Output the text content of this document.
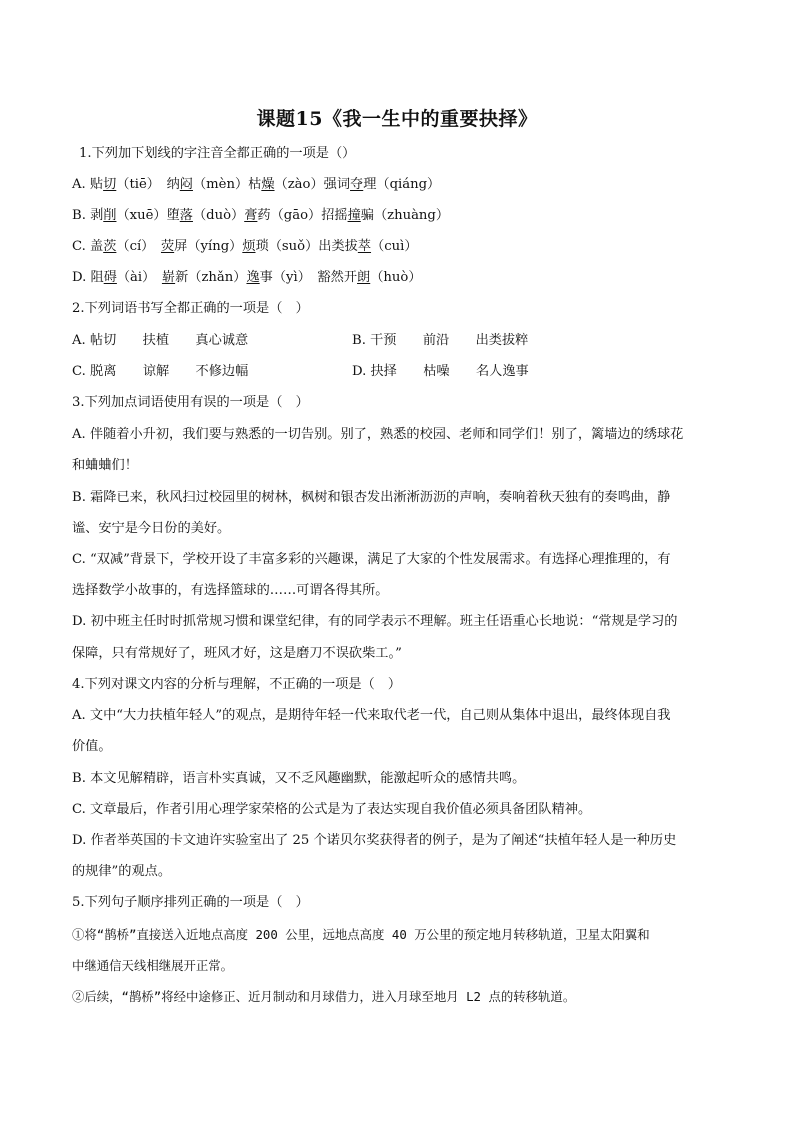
课题15《我一生中的重要抉择》
1.下列加下划线的字注音全都正确的一项是（）
A. 贴切（tiē）　纳闷（mèn）枯燥（zào）强词夺理（qiáng）
B. 剥削（xuē）堕落（duò）膏药（gāo）招摇撞骗（zhuàng）
C. 盖茨（cí）　荧屏（yíng）烦琐（suǒ）出类拔萃（cuì）
D. 阻碍（ài）　崭新（zhǎn）逸事（yì）　豁然开朗（huò）
2.下列词语书写全都正确的一项是（　）
A. 帖切　　扶植　　真心诚意	B. 干预　　前沿　　出类拔粹
C. 脱离　　谅解　　不修边幅	D. 抉择　　枯噪　　名人逸事
3.下列加点词语使用有误的一项是（　）
A. 伴随着小升初，我们要与熟悉的一切告别。别了，熟悉的校园、老师和同学们！别了，篱墙边的绣球花
和蛐蛐们！
B. 霜降已来，秋风扫过校园里的树林，枫树和银杏发出淅淅沥沥的声响，奏响着秋天独有的奏鸣曲，静
谧、安宁是今日份的美好。
C. “双减”背景下，学校开设了丰富多彩的兴趣课，满足了大家的个性发展需求。有选择心理推理的，有
选择数学小故事的，有选择篮球的……可谓各得其所。
D. 初中班主任时时抓常规习惯和课堂纪律，有的同学表示不理解。班主任语重心长地说：“常规是学习的
保障，只有常规好了，班风才好，这是磨刀不误砍柴工。”
4.下列对课文内容的分析与理解，不正确的一项是（　）
A. 文中“大力扶植年轻人”的观点，是期待年轻一代来取代老一代，自己则从集体中退出，最终体现自我
价值。
B. 本文见解精辟，语言朴实真诚，又不乏风趣幽默，能激起听众的感情共鸣。
C. 文章最后，作者引用心理学家荣格的公式是为了表达实现自我价值必须具备团队精神。
D. 作者举英国的卡文迪许实验室出了 25 个诺贝尔奖获得者的例子，是为了阐述“扶植年轻人是一种历史
的规律”的观点。
5.下列句子顺序排列正确的一项是（　）
①将“鹊桥”直接送入近地点高度 200 公里，远地点高度 40 万公里的预定地月转移轨道，卫星太阳翼和
中继通信天线相继展开正常。
②后续，“鹊桥”将经中途修正、近月制动和月球借力，进入月球至地月 L2 点的转移轨道。
